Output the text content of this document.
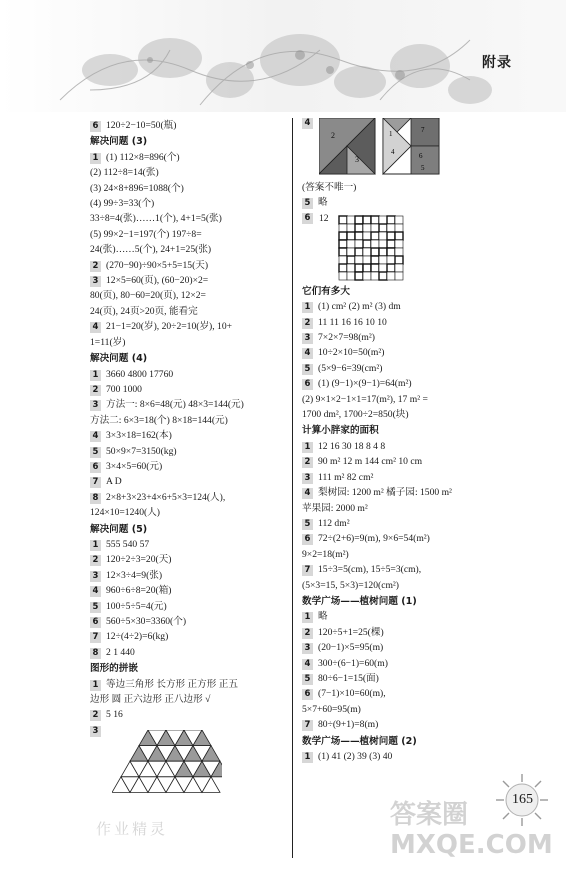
附录
6 120÷2−10=50(瓶)
解决问题 (3)
1 (1) 112×8=896(个)
(2) 112÷8=14(张)
(3) 24×8+896=1088(个)
(4) 99÷3=33(个)
33÷8=4(张)……1(个), 4+1=5(张)
(5) 99×2−1=197(个) 197÷8=
24(张)……5(个), 24+1=25(张)
2 (270−90)÷90×5+5=15(天)
3 12×5=60(页), (60−20)×2=
80(页), 80−60=20(页), 12×2=
24(页), 24页>20页, 能看完
4 21−1=20(岁), 20÷2=10(岁), 10+
1=11(岁)
解决问题 (4)
1 3660 4800 17760
2 700 1000
3 方法一: 8×6=48(元) 48×3=144(元)
方法二: 6×3=18(个) 8×18=144(元)
4 3×3×18=162(本)
5 50×9×7=3150(kg)
6 3×4×5=60(元)
7 A D
8 2×8+3×23+4×6+5×3=124(人),
124×10=1240(人)
解决问题 (5)
1 555 540 57
2 120÷2÷3=20(天)
3 12×3÷4=9(张)
4 960÷6÷8=20(箱)
5 100÷5÷5=4(元)
6 560÷5×30=3360(个)
7 12÷(4÷2)=6(kg)
8 2 1 440
图形的拼嵌
1 等边三角形 长方形 正方形 正五
边形 圆 正六边形 正八边形 √
2 5 16
3
4
2
3
1	7
4	6
5
(答案不唯一)
5 略
6 12
它们有多大
1 (1) cm² (2) m² (3) dm
2 11 11 16 16 10 10
3 7×2×7=98(m²)
4 10÷2×10=50(m²)
5 (5×9−6=39(cm²)
6 (1) (9−1)×(9−1)=64(m²)
(2) 9×1×2−1×1=17(m²), 17 m² =
1700 dm², 1700÷2=850(块)
计算小胖家的面积
1 12 16 30 18 8 4 8
2 90 m² 12 m 144 cm² 10 cm
3 111 m² 82 cm²
4 梨树园: 1200 m² 橘子园: 1500 m²
苹果园: 2000 m²
5 112 dm²
6 72÷(2+6)=9(m), 9×6=54(m²)
9×2=18(m²)
7 15÷3=5(cm), 15÷5=3(cm),
(5×3=15, 5×3)=120(cm²)
数学广场——植树问题 (1)
1 略
2 120÷5+1=25(棵)
3 (20−1)×5=95(m)
4 300÷(6−1)=60(m)
5 80÷6−1=15(面)
6 (7−1)×10=60(m),
5×7+60=95(m)
7 80÷(9+1)=8(m)
数学广场——植树问题 (2)
1 (1) 41 (2) 39 (3) 40
作业精灵
165
答案圈 MXQE.COM
